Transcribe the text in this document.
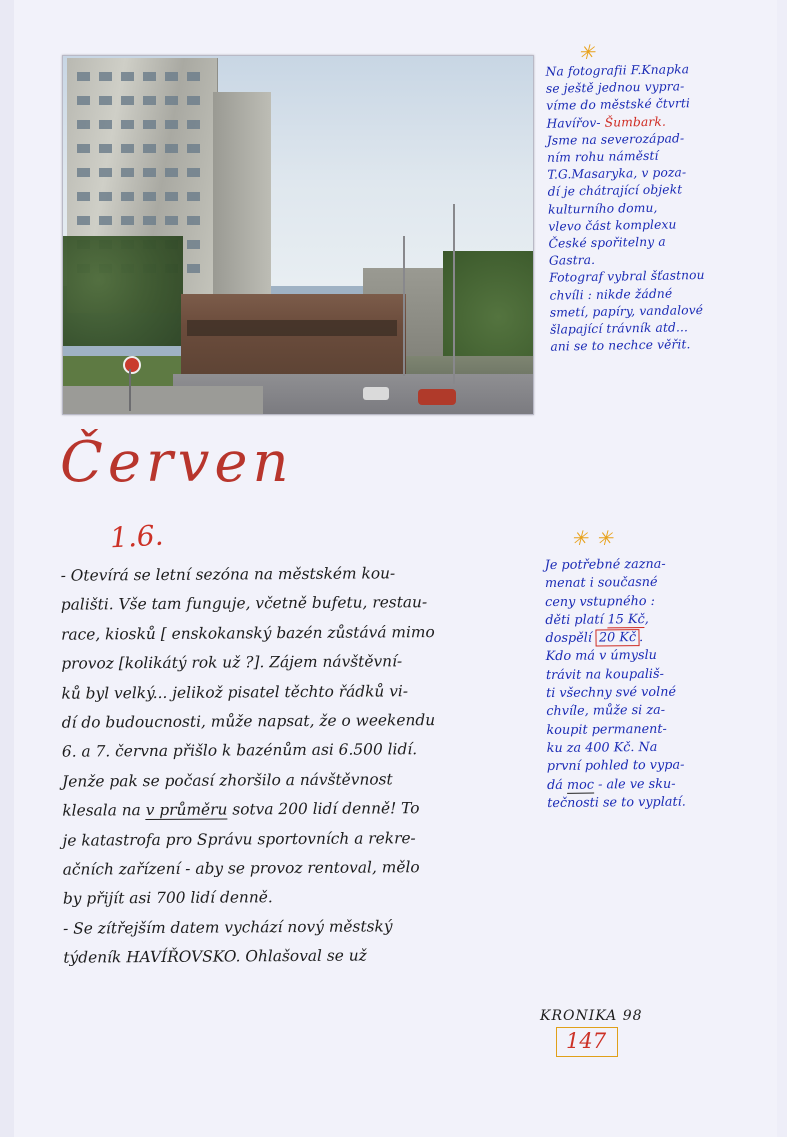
✳
Na fotografii F.Knapka
se ještě jednou vypra-
víme do městské čtvrti
Havířov- Šumbark.
Jsme na severozápad-
ním rohu náměstí
T.G.Masaryka, v poza-
dí je chátrající objekt
kulturního domu,
vlevo část komplexu
České spořitelny a
Gastra.
Fotograf vybral šťastnou
chvíli : nikde žádné
smetí, papíry, vandalové
šlapající trávník atd...
ani se to nechce věřit.
Červen
1.6.
- Otevírá se letní sezóna na městském kou-
pališti. Vše tam funguje, včetně bufetu, restau-
race, kiosků [ enskokanský bazén zůstává mimo
provoz [kolikátý rok už ?]. Zájem návštěvní-
ků byl velký... jelikož pisatel těchto řádků vi-
dí do budoucnosti, může napsat, že o weekendu
6. a 7. června přišlo k bazénům asi 6.500 lidí.
Jenže pak se počasí zhoršilo a návštěvnost
klesala na v průměru sotva 200 lidí denně! To
je katastrofa pro Správu sportovních a rekre-
ačních zařízení - aby se provoz rentoval, mělo
by přijít asi 700 lidí denně.
- Se zítřejším datem vychází nový městský
týdeník HAVÍŘOVSKO. Ohlašoval se už
✳ ✳
Je potřebné zazna-
menat i současné
ceny vstupného :
děti platí 15 Kč,
dospělí 20 Kč .
Kdo má v úmyslu
trávit na koupališ-
ti všechny své volné
chvíle, může si za-
koupit permanent-
ku za 400 Kč. Na
první pohled to vypa-
dá moc - ale ve sku-
tečnosti se to vyplatí.
KRONIKA 98
147
